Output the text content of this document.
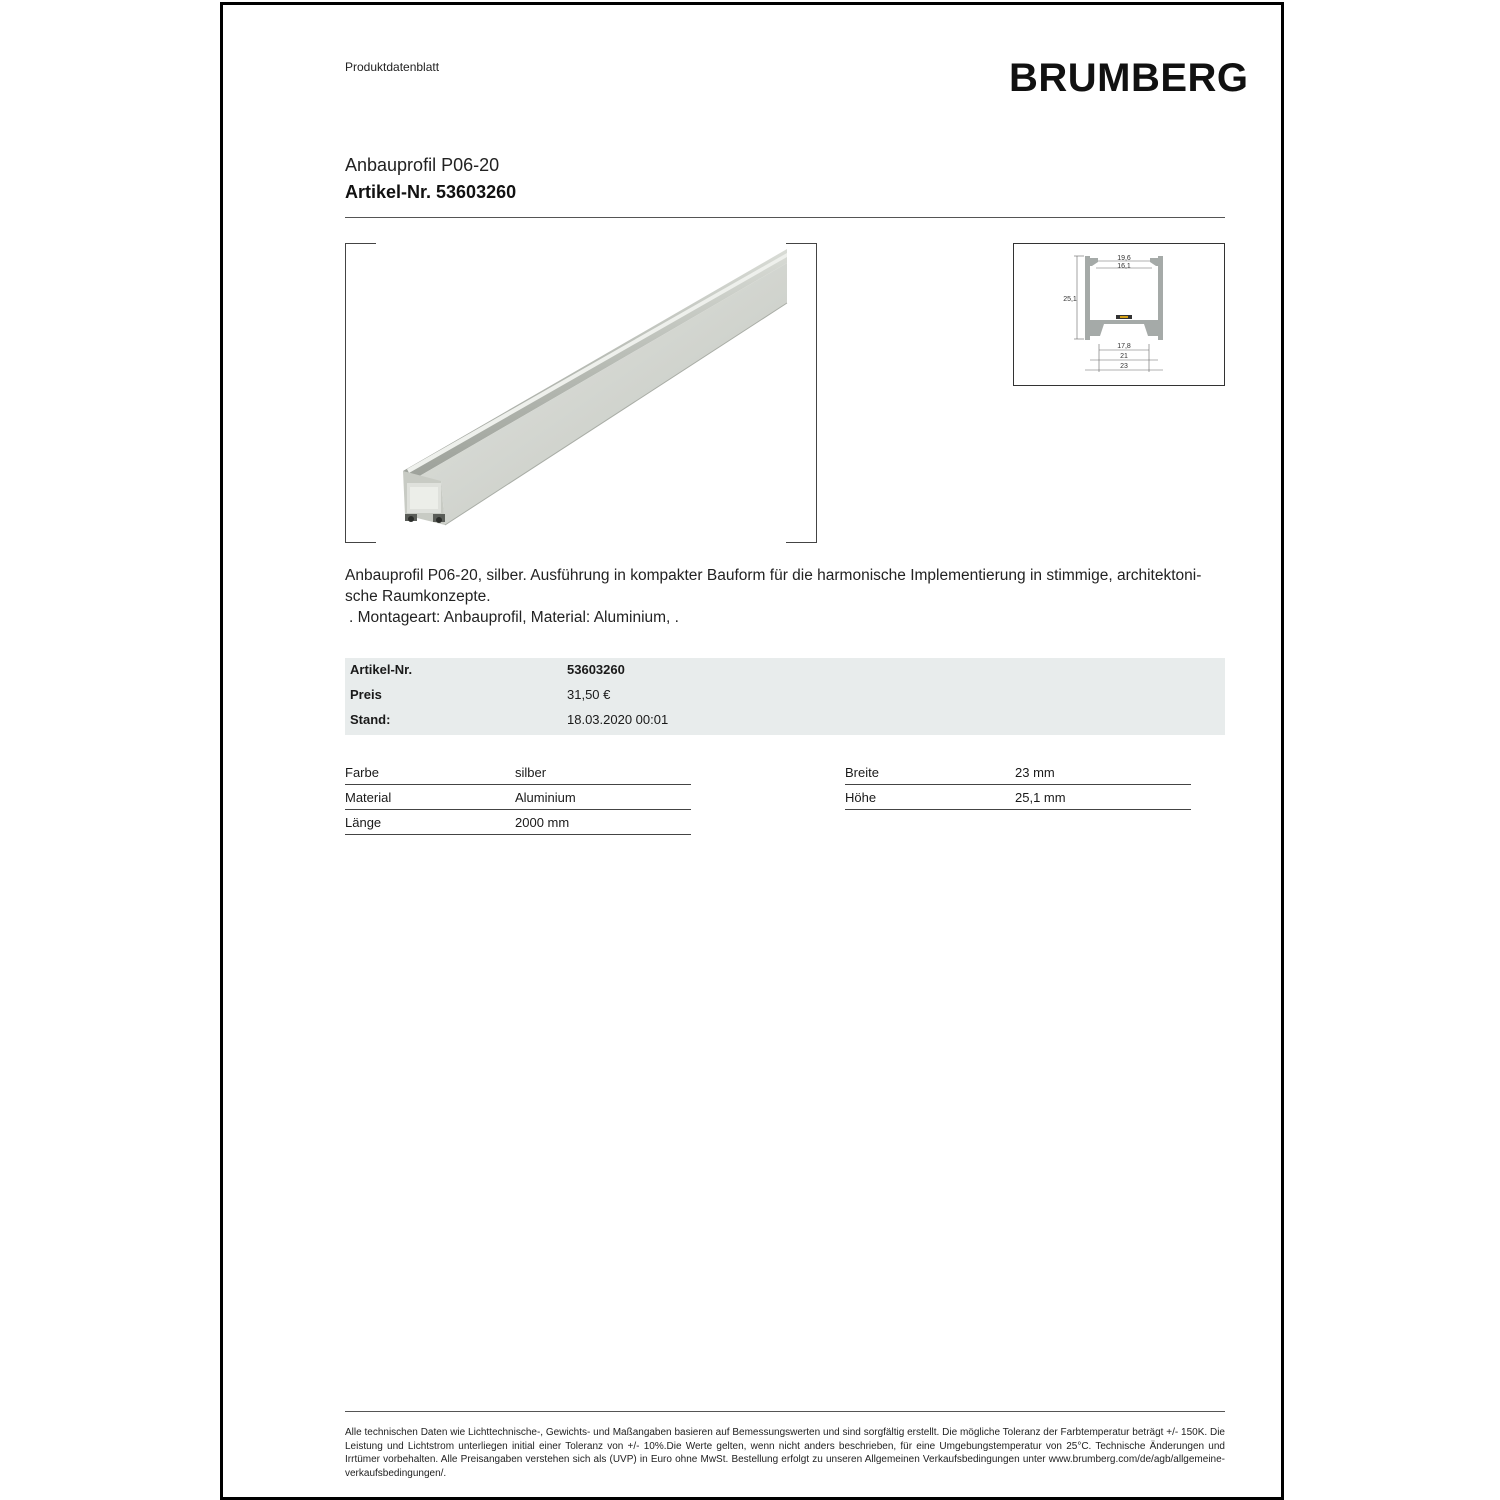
Produktdatenblatt	BRUMBERG
Anbauprofil P06-20
Artikel-Nr. 53603260
19,6
16,1
25,1
17,8
21
23
Anbauprofil P06-20, silber. Ausführung in kompakter Bauform für die harmonische Implementierung in stimmige, architektoni-
sche Raumkonzepte.
. Montageart: Anbauprofil, Material: Aluminium, .
Artikel-Nr.	53603260
Preis	31,50 €
Stand:	18.03.2020 00:01
Farbe	silber
Material	Aluminium
Länge	2000 mm
Breite	23 mm
Höhe	25,1 mm
Alle technischen Daten wie Lichttechnische-, Gewichts- und Maßangaben basieren auf Bemessungswerten und sind sorgfältig erstellt. Die mögliche Toleranz der Farbtemperatur beträgt +/- 150K. Die Leistung und Lichtstrom unterliegen initial einer Toleranz von +/- 10%.Die Werte gelten, wenn nicht anders beschrieben, für eine Umgebungstemperatur von 25°C. Technische Änderungen und Irrtümer vorbehalten. Alle Preisangaben verstehen sich als (UVP) in Euro ohne MwSt. Bestellung erfolgt zu unseren Allgemeinen Verkaufsbedingungen unter www.brumberg.com/de/agb/allgemeine-verkaufsbedingungen/.
